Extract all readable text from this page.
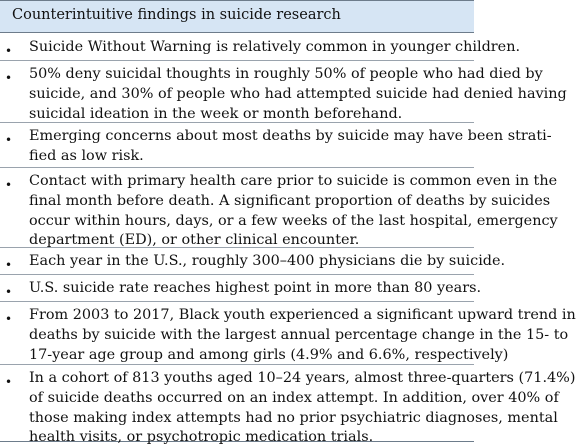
Counterintuitive findings in suicide research
• Suicide Without Warning is relatively common in younger children.
• 50% deny suicidal thoughts in roughly 50% of people who had died by
suicide, and 30% of people who had attempted suicide had denied having
suicidal ideation in the week or month beforehand.
• Emerging concerns about most deaths by suicide may have been strati-
fied as low risk.
• Contact with primary health care prior to suicide is common even in the
final month before death. A significant proportion of deaths by suicides
occur within hours, days, or a few weeks of the last hospital, emergency
department (ED), or other clinical encounter.
• Each year in the U.S., roughly 300–400 physicians die by suicide.
• U.S. suicide rate reaches highest point in more than 80 years.
• From 2003 to 2017, Black youth experienced a significant upward trend in
deaths by suicide with the largest annual percentage change in the 15- to
17-year age group and among girls (4.9% and 6.6%, respectively)
• In a cohort of 813 youths aged 10–24 years, almost three-quarters (71.4%)
of suicide deaths occurred on an index attempt. In addition, over 40% of
those making index attempts had no prior psychiatric diagnoses, mental
health visits, or psychotropic medication trials.
